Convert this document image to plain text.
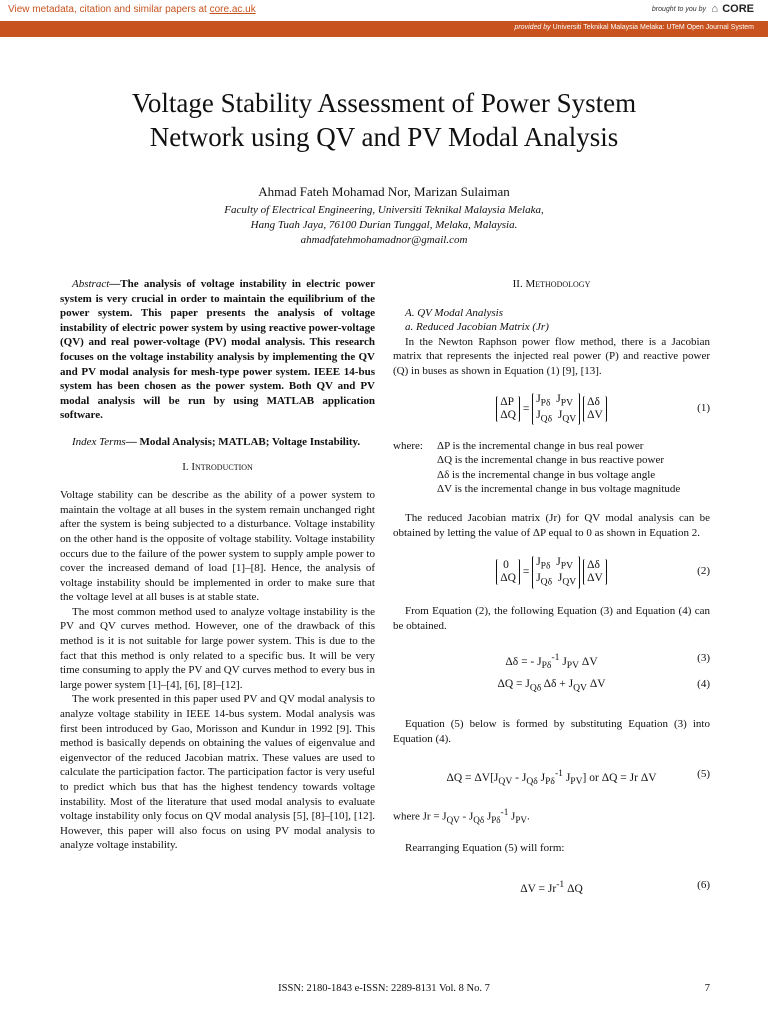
View metadata, citation and similar papers at core.ac.uk	brought to you by ⌂ CORE
provided by Universiti Teknikal Malaysia Melaka: UTeM Open Journal System
Voltage Stability Assessment of Power System
Network using QV and PV Modal Analysis
Ahmad Fateh Mohamad Nor, Marizan Sulaiman
Faculty of Electrical Engineering, Universiti Teknikal Malaysia Melaka,
Hang Tuah Jaya, 76100 Durian Tunggal, Melaka, Malaysia.
ahmadfatehmohamadnor@gmail.com

Abstract—The analysis of voltage instability in electric power system is very crucial in order to maintain the equilibrium of the power system. This paper presents the analysis of voltage instability of electric power system by using reactive power-voltage (QV) and real power-voltage (PV) modal analysis. This research focuses on the voltage instability analysis by implementing the QV and PV modal analysis for mesh-type power system. IEEE 14-bus system has been chosen as the power system. Both QV and PV modal analysis will be run by using MATLAB application software.

Index Terms— Modal Analysis; MATLAB; Voltage Instability.

I. Introduction

Voltage stability can be describe as the ability of a power system to maintain the voltage at all buses in the system remain unchanged right after the system is being subjected to a disturbance. Voltage instability on the other hand is the opposite of voltage stability. Voltage instability occurs due to the failure of the power system to supply ample power to cover the increased demand of load [1]–[8]. Hence, the analysis of voltage instability should be implemented in order to make sure that the voltage level at all buses is at stable state.

The most common method used to analyze voltage instability is the PV and QV curves method. However, one of the drawback of this method is it is not suitable for large power system. This is due to the fact that this method is only related to a specific bus. It will be very time consuming to apply the PV and QV curves method to every bus in large power system [1]–[4], [6], [8]–[12].

The work presented in this paper used PV and QV modal analysis to analyze voltage stability in IEEE 14-bus system. Modal analysis was first been introduced by Gao, Morisson and Kundur in 1992 [9]. This method is basically depends on obtaining the values of eigenvalue and eigenvector of the reduced Jacobian matrix. These values are used to calculate the participation factor. The participation factor is very useful to predict which bus that has the highest tendency towards voltage instability. Most of the literature that used modal analysis to evaluate voltage instability only focus on QV modal analysis [5], [8]–[10], [12]. However, this paper will also focus on using PV modal analysis to analyze voltage instability.

II. Methodology

A. QV Modal Analysis

a. Reduced Jacobian Matrix (Jr)

In the Newton Raphson power flow method, there is a Jacobian matrix that represents the injected real power (P) and reactive power (Q) in buses as shown in Equation (1) [9], [13].

ΔP
$\Delta Q = J_{P\delta}$  $J_{PV}$
$J_{Q\delta}$  $J_{QV}$ Δδ
ΔV
(1)
where:	ΔP is the incremental change in bus real power
ΔQ is the incremental change in bus reactive power
Δδ is the incremental change in bus voltage angle
ΔV is the incremental change in bus voltage magnitude

The reduced Jacobian matrix (Jr) for QV modal analysis can be obtained by letting the value of ΔP equal to 0 as shown in Equation 2.

0
$\Delta Q = J_{P\delta}$  $J_{PV}$
$J_{Q\delta}$  $J_{QV}$ Δδ
ΔV
(2)

From Equation (2), the following Equation (3) and Equation (4) can be obtained.

Δδ = - $J_{P\delta}^{-1}$ $J_{PV}$ ΔV	(3)
$\Delta Q = J_{Q\delta}$ $\Delta\delta + J_{QV}$ ΔV	(4)

Equation (5) below is formed by substituting Equation (3) into Equation (4).

$\Delta Q = \Delta V[J_{QV} - J_{Q\delta}$ $J_{P\delta}^{-1}$ $J_{PV}$] or ΔQ = Jr ΔV	(5)

where $Jr = J_{QV} - J_{Q\delta}$ $J_{P\delta}^{-1}$ $J_{PV}$.

Rearranging Equation (5) will form:

$\Delta V = Jr^{-1}$ ΔQ	(6)
ISSN: 2180-1843 e-ISSN: 2289-8131 Vol. 8 No. 7	7
